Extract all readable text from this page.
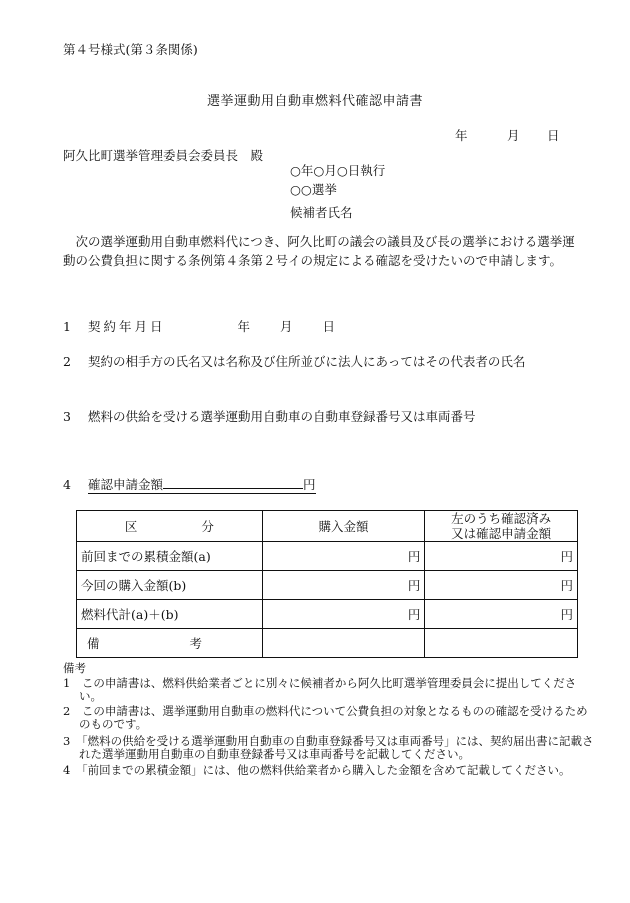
第４号様式(第３条関係)
選挙運動用自動車燃料代確認申請書
年	月 日
阿久比町選挙管理委員会委員長　殿
○年○月○日執行
○○選挙
候補者氏名
次の選挙運動用自動車燃料代につき、阿久比町の議会の議員及び長の選挙における選挙運動の公費負担に関する条例第４条第２号イの規定による確認を受けたいので申請します。
1 契約年月日	年 月 日
2 契約の相手方の氏名又は名称及び住所並びに法人にあってはその代表者の氏名
3 燃料の供給を受ける選挙運動用自動車の自動車登録番号又は車両番号
4 確認申請金額	円
区 分	購入金額	左のうち確認済み
又は確認申請金額

前回までの累積金額(a)	円	円
今回の購入金額(b)	円	円
燃料代計(a)＋(b)	円	円
備 考		
備考
1　この申請書は、燃料供給業者ごとに別々に候補者から阿久比町選挙管理委員会に提出してください。
2　この申請書は、選挙運動用自動車の燃料代について公費負担の対象となるものの確認を受けるためのものです。
3　「燃料の供給を受ける選挙運動用自動車の自動車登録番号又は車両番号」には、契約届出書に記載された選挙運動用自動車の自動車登録番号又は車両番号を記載してください。
4　「前回までの累積金額」には、他の燃料供給業者から購入した金額を含めて記載してください。
